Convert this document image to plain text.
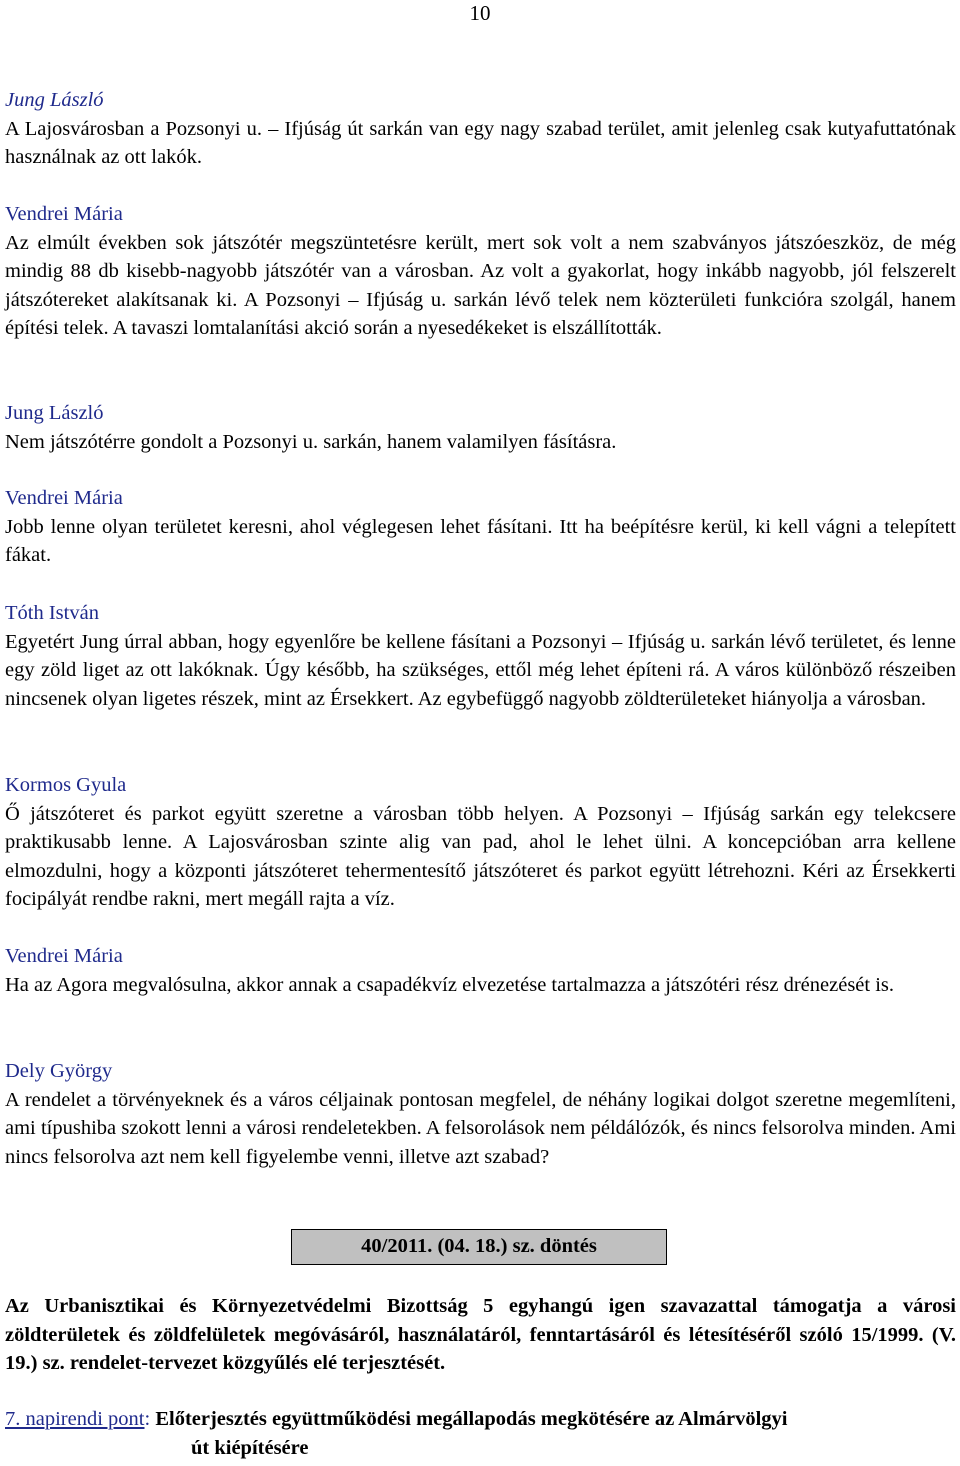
10

Jung László

A Lajosvárosban a Pozsonyi u. – Ifjúság út sarkán van egy nagy szabad terület, amit jelenleg csak kutyafuttatónak használnak az ott lakók.

Vendrei Mária

Az elmúlt években sok játszótér megszüntetésre került, mert sok volt a nem szabványos játszóeszköz, de még mindig 88 db kisebb-nagyobb játszótér van a városban. Az volt a gyakorlat, hogy inkább nagyobb, jól felszerelt játszótereket alakítsanak ki. A Pozsonyi – Ifjúság u. sarkán lévő telek nem közterületi funkcióra szolgál, hanem építési telek. A tavaszi lomtalanítási akció során a nyesedékeket is elszállították.

Jung László

Nem játszótérre gondolt a Pozsonyi u. sarkán, hanem valamilyen fásításra.

Vendrei Mária

Jobb lenne olyan területet keresni, ahol véglegesen lehet fásítani. Itt ha beépítésre kerül, ki kell vágni a telepített fákat.

Tóth István

Egyetért Jung úrral abban, hogy egyenlőre be kellene fásítani a Pozsonyi – Ifjúság u. sarkán lévő területet, és lenne egy zöld liget az ott lakóknak. Úgy később, ha szükséges, ettől még lehet építeni rá. A város különböző részeiben nincsenek olyan ligetes részek, mint az Érsekkert. Az egybefüggő nagyobb zöldterületeket hiányolja a városban.

Kormos Gyula

Ő játszóteret és parkot együtt szeretne a városban több helyen. A Pozsonyi – Ifjúság sarkán egy telekcsere praktikusabb lenne. A Lajosvárosban szinte alig van pad, ahol le lehet ülni. A koncepcióban arra kellene elmozdulni, hogy a központi játszóteret tehermentesítő játszóteret és parkot együtt létrehozni. Kéri az Érsekkerti focipályát rendbe rakni, mert megáll rajta a víz.

Vendrei Mária

Ha az Agora megvalósulna, akkor annak a csapadékvíz elvezetése tartalmazza a játszótéri rész drénezését is.

Dely György

A rendelet a törvényeknek és a város céljainak pontosan megfelel, de néhány logikai dolgot szeretne megemlíteni, ami típushiba szokott lenni a városi rendeletekben. A felsorolások nem példálózók, és nincs felsorolva minden. Ami nincs felsorolva azt nem kell figyelembe venni, illetve azt szabad?

40/2011. (04. 18.) sz. döntés

Az Urbanisztikai és Környezetvédelmi Bizottság 5 egyhangú igen szavazattal támogatja a városi zöldterületek és zöldfelületek megóvásáról, használatáról, fenntartásáról és létesítéséről szóló 15/1999. (V. 19.) sz. rendelet-tervezet közgyűlés elé terjesztését.

7. napirendi pont: Előterjesztés együttműködési megállapodás megkötésére az Almárvölgyi
út kiépítésére
